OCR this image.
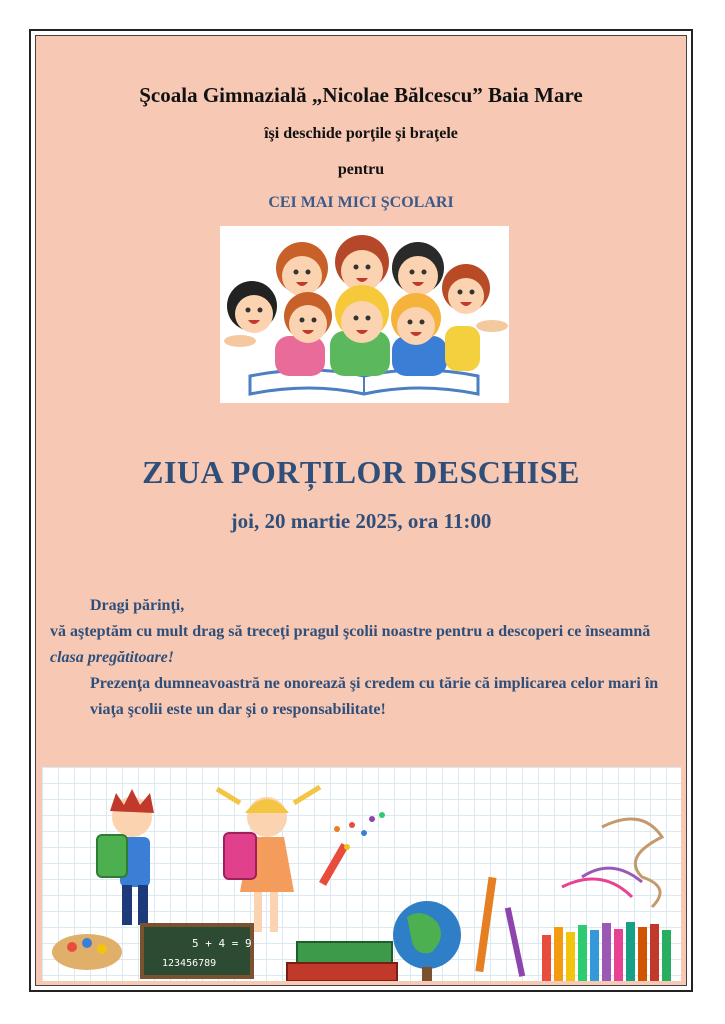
Şcoala Gimnazială „Nicolae Bălcescu” Baia Mare
îşi deschide porţile şi braţele
pentru
CEI MAI MICI ŞCOLARI
ZIUA PORȚILOR DESCHISE
joi, 20 martie 2025, ora 11:00

Dragi părinţi,

vă aşteptăm cu mult drag să treceţi pragul şcolii noastre pentru a descoperi ce înseamnă clasa pregătitoare!

Prezenţa dumneavoastră ne onorează şi credem cu tărie că implicarea celor mari în viaţa şcolii este un dar şi o responsabilitate!

5 + 4 = 9
123456789
